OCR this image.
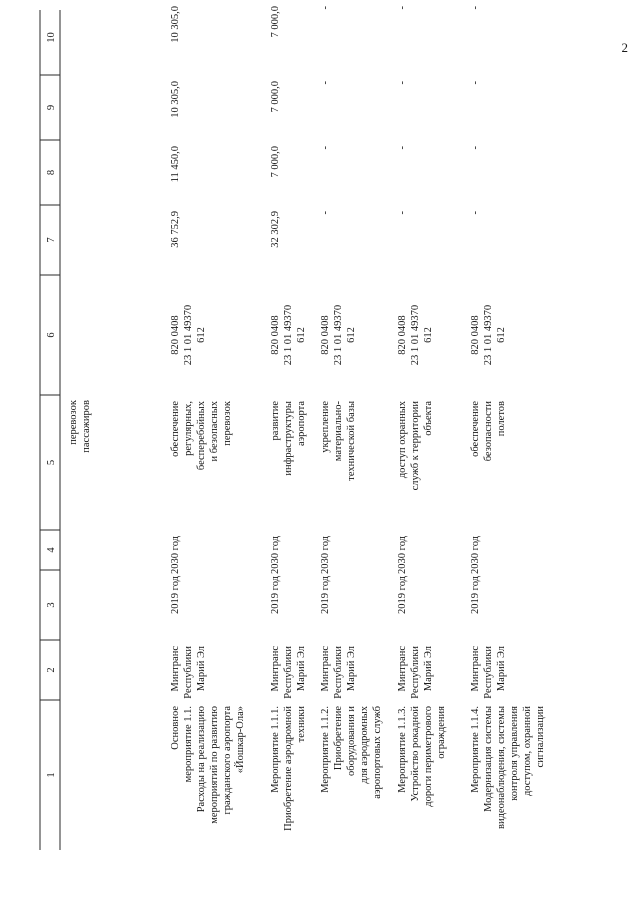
2
1
2
3
4
5
6
7
8
9
10
перевозок пассажиров
Основное мероприятие 1.1. Расходы на реализацию мероприятий по развитию гражданского аэропорта «Йошкар-Ола»
Минтранс Республики Марий Эл
2019 год
2030 год
обеспечение регулярных, бесперебойных и безопасных перевозок
820 0408 23 1 01 49370 612
36 752,9
11 450,0
10 305,0
10 305,0
Мероприятие 1.1.1. Приобретение аэродромной техники
Минтранс Республики Марий Эл
2019 год
2030 год
развитие инфраструктуры аэропорта
820 0408 23 1 01 49370 612
32 302,9
7 000,0
7 000,0
7 000,0
Мероприятие 1.1.2. Приобретение оборудования и для аэродромных аэропортовых служб
Минтранс Республики Марий Эл
2019 год
2030 год
укрепление материально- технической базы
820 0408 23 1 01 49370 612
-
-
-
-
Мероприятие 1.1.3. Устройство рокадной дороги периметрового ограждения
Минтранс Республики Марий Эл
2019 год
2030 год
доступ охранных служб к территории объекта
820 0408 23 1 01 49370 612
-
-
-
-
Мероприятие 1.1.4. Модернизация системы видеонаблюдения, системы контроля управления доступом, охранной сигнализации
Минтранс Республики Марий Эл
2019 год
2030 год
обеспечение безопасности полетов
820 0408 23 1 01 49370 612
-
-
-
-
